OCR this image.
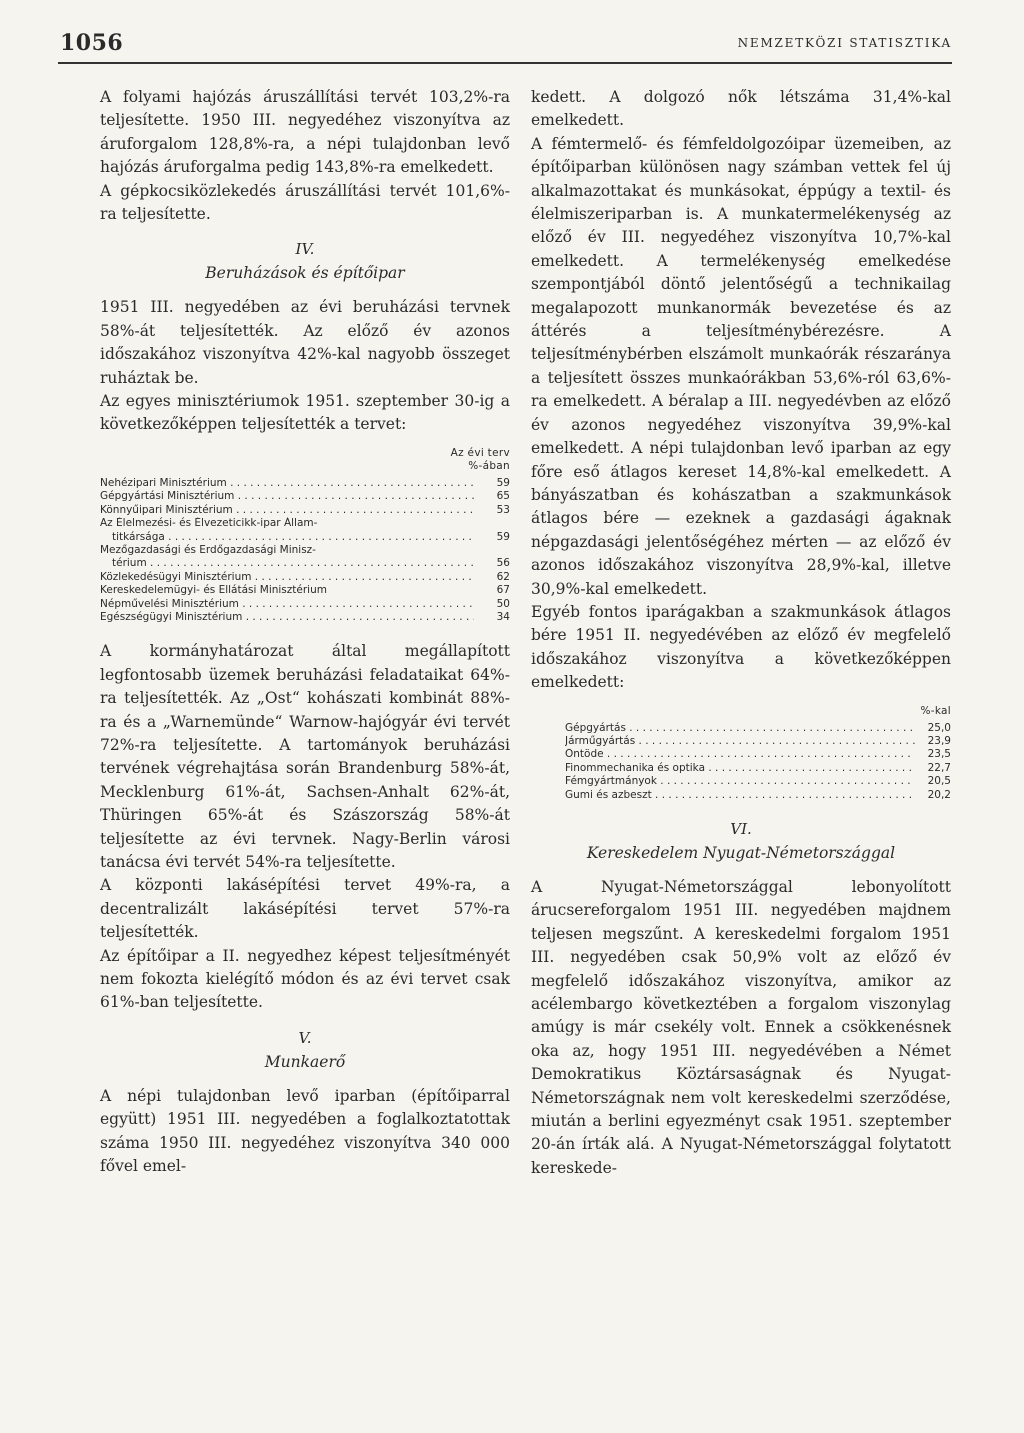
1056	NEMZETKÖZI STATISZTIKA

A folyami hajózás áruszállítási tervét 103,2%-ra teljesítette. 1950 III. negyedéhez viszonyítva az áruforgalom 128,8%-ra, a népi tulajdonban levő hajózás áruforgalma pedig 143,8%-ra emelkedett.

A gépkocsiközlekedés áruszállítási tervét 101,6%-ra teljesítette.

IV.
Beruházások és építőipar

1951 III. negyedében az évi beruházási tervnek 58%-át teljesítették. Az előző év azonos időszakához viszonyítva 42%-kal nagyobb összeget ruháztak be.

Az egyes minisztériumok 1951. szeptember 30-ig a következőképpen teljesítették a tervet:

Az évi terv
%-ában
Nehézipari Minisztérium . . .	59
Gépgyártási Minisztérium . . .	65
Könnyűipari Minisztérium . . .	53
Az Élelmezési- és Élvezeticikk-ipar Állam-
titkársága . . .	59
Mezőgazdasági és Erdőgazdasági Minisz-
térium . . .	56
Közlekedésügyi Minisztérium . . .	62
Kereskedelemügyi- és Ellátási Minisztérium	67
Népművelési Minisztérium . . .	50
Egészségügyi Minisztérium . . .	34

A kormányhatározat által megállapított legfontosabb üzemek beruházási feladataikat 64%-ra teljesítették. Az „Ost“ kohászati kombinát 88%-ra és a „Warnemünde“ Warnow-hajógyár évi tervét 72%-ra teljesítette. A tartományok beruházási tervének végrehajtása során Brandenburg 58%-át, Mecklenburg 61%-át, Sachsen-Anhalt 62%-át, Thüringen 65%-át és Szászország 58%-át teljesítette az évi tervnek. Nagy-Berlin városi tanácsa évi tervét 54%-ra teljesítette.

A központi lakásépítési tervet 49%-ra, a decentralizált lakásépítési tervet 57%-ra teljesítették.

Az építőipar a II. negyedhez képest teljesítményét nem fokozta kielégítő módon és az évi tervet csak 61%-ban teljesítette.

V.
Munkaerő

A népi tulajdonban levő iparban (építőiparral együtt) 1951 III. negyedében a foglalkoztatottak száma 1950 III. negyedéhez viszonyítva 340 000 fővel emel-

kedett. A dolgozó nők létszáma 31,4%-kal emelkedett.

A fémtermelő- és fémfeldolgozóipar üzemeiben, az építőiparban különösen nagy számban vettek fel új alkalmazottakat és munkásokat, éppúgy a textil- és élelmiszeriparban is. A munkatermelékenység az előző év III. negyedéhez viszonyítva 10,7%-kal emelkedett. A termelékenység emelkedése szempontjából döntő jelentőségű a technikailag megalapozott munkanormák bevezetése és az áttérés a teljesítménybérezésre. A teljesítménybérben elszámolt munkaórák részaránya a teljesített összes munkaórákban 53,6%-ról 63,6%-ra emelkedett. A béralap a III. negyedévben az előző év azonos negyedéhez viszonyítva 39,9%-kal emelkedett. A népi tulajdonban levő iparban az egy főre eső átlagos kereset 14,8%-kal emelkedett. A bányászatban és kohászatban a szakmunkások átlagos bére — ezeknek a gazdasági ágaknak népgazdasági jelentőségéhez mérten — az előző év azonos időszakához viszonyítva 28,9%-kal, illetve 30,9%-kal emelkedett.

Egyéb fontos iparágakban a szakmunkások átlagos bére 1951 II. negyedévében az előző év megfelelő időszakához viszonyítva a következőképpen emelkedett:

%-kal
Gépgyártás . . .	25,0
Járműgyártás . . .	23,9
Öntöde . . .	23,5
Finommechanika és optika . . .	22,7
Fémgyártmányok . . .	20,5
Gumi és azbeszt . . .	20,2
VI.
Kereskedelem Nyugat-Németországgal

A Nyugat-Németországgal lebonyolított árucsereforgalom 1951 III. negyedében majdnem teljesen megszűnt. A kereskedelmi forgalom 1951 III. negyedében csak 50,9% volt az előző év megfelelő időszakához viszonyítva, amikor az acélembargo következtében a forgalom viszonylag amúgy is már csekély volt. Ennek a csökkenésnek oka az, hogy 1951 III. negyedévében a Német Demokratikus Köztársaságnak és Nyugat-Németországnak nem volt kereskedelmi szerződése, miután a berlini egyezményt csak 1951. szeptember 20-án írták alá. A Nyugat-Németországgal folytatott kereskede-
